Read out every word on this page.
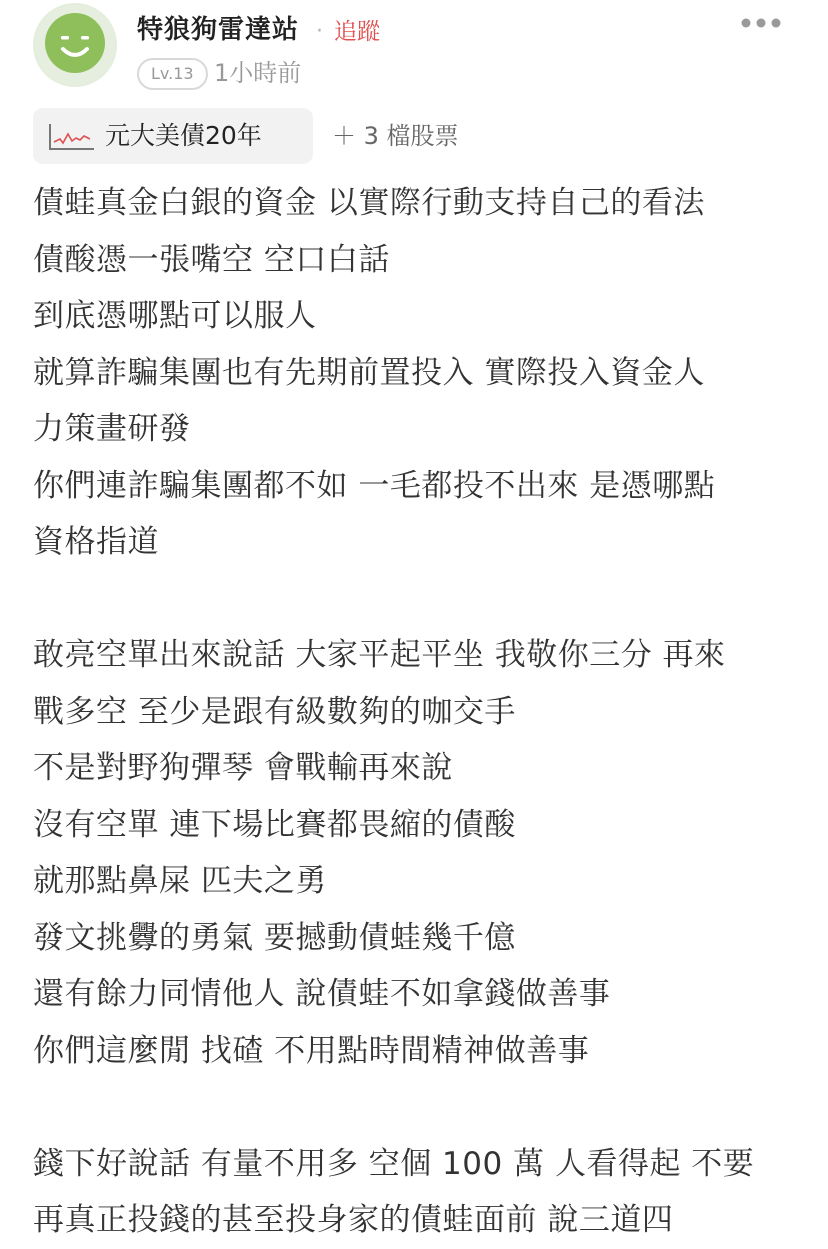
特狼狗雷達站 · 追蹤
Lv.13 1小時前
元大美債20年	＋ 3 檔股票
債蛙真金白銀的資金 以實際行動支持自己的看法
債酸憑一張嘴空 空口白話
到底憑哪點可以服人
就算詐騙集團也有先期前置投入 實際投入資金人
力策畫研發
你們連詐騙集團都不如 一毛都投不出來 是憑哪點
資格指道
敢亮空單出來說話 大家平起平坐 我敬你三分 再來
戰多空 至少是跟有級數夠的咖交手
不是對野狗彈琴 會戰輸再來說
沒有空單 連下場比賽都畏縮的債酸
就那點鼻屎 匹夫之勇
發文挑釁的勇氣 要撼動債蛙幾千億
還有餘力同情他人 說債蛙不如拿錢做善事
你們這麼閒 找碴 不用點時間精神做善事
錢下好說話 有量不用多 空個 100 萬 人看得起 不要
再真正投錢的甚至投身家的債蛙面前 說三道四
